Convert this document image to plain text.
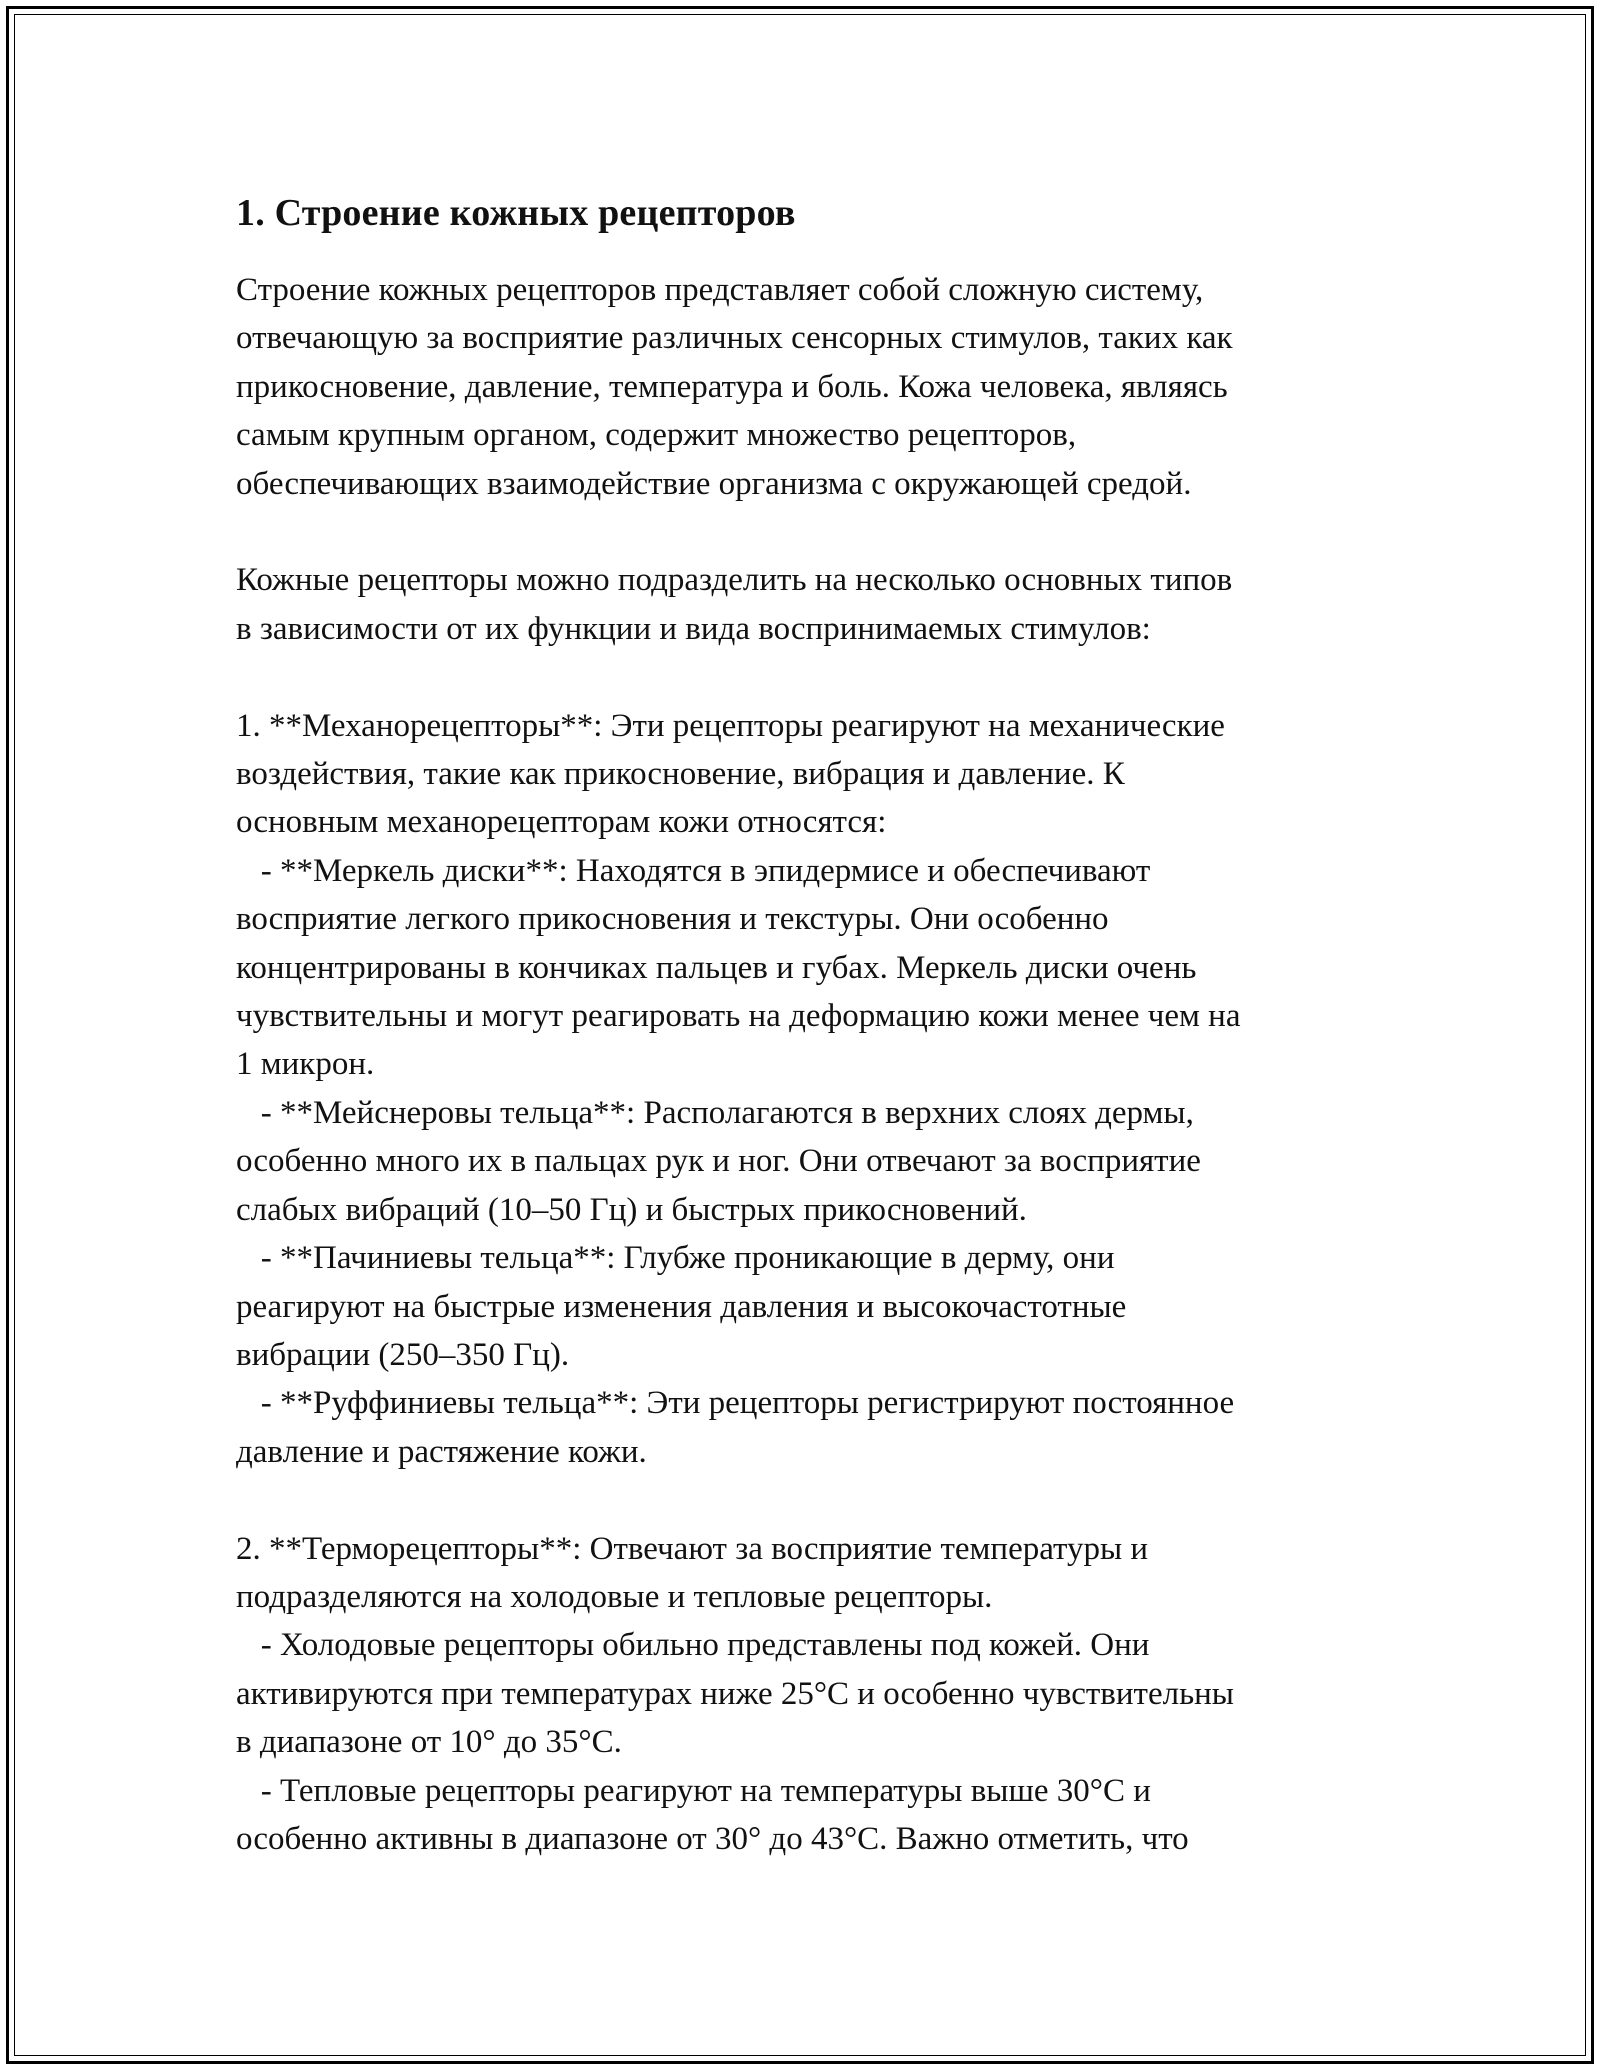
1. Строение кожных рецепторов
Строение кожных рецепторов представляет собой сложную систему,
отвечающую за восприятие различных сенсорных стимулов, таких как
прикосновение, давление, температура и боль. Кожа человека, являясь
самым крупным органом, содержит множество рецепторов,
обеспечивающих взаимодействие организма с окружающей средой.
Кожные рецепторы можно подразделить на несколько основных типов
в зависимости от их функции и вида воспринимаемых стимулов:
1. **Механорецепторы**: Эти рецепторы реагируют на механические
воздействия, такие как прикосновение, вибрация и давление. К
основным механорецепторам кожи относятся:
- **Меркель диски**: Находятся в эпидермисе и обеспечивают
восприятие легкого прикосновения и текстуры. Они особенно
концентрированы в кончиках пальцев и губах. Меркель диски очень
чувствительны и могут реагировать на деформацию кожи менее чем на
1 микрон.
- **Мейснеровы тельца**: Располагаются в верхних слоях дермы,
особенно много их в пальцах рук и ног. Они отвечают за восприятие
слабых вибраций (10–50 Гц) и быстрых прикосновений.
- **Пачиниевы тельца**: Глубже проникающие в дерму, они
реагируют на быстрые изменения давления и высокочастотные
вибрации (250–350 Гц).
- **Руффиниевы тельца**: Эти рецепторы регистрируют постоянное
давление и растяжение кожи.
2. **Терморецепторы**: Отвечают за восприятие температуры и
подразделяются на холодовые и тепловые рецепторы.
- Холодовые рецепторы обильно представлены под кожей. Они
активируются при температурах ниже 25°C и особенно чувствительны
в диапазоне от 10° до 35°C.
- Тепловые рецепторы реагируют на температуры выше 30°C и
особенно активны в диапазоне от 30° до 43°C. Важно отметить, что
